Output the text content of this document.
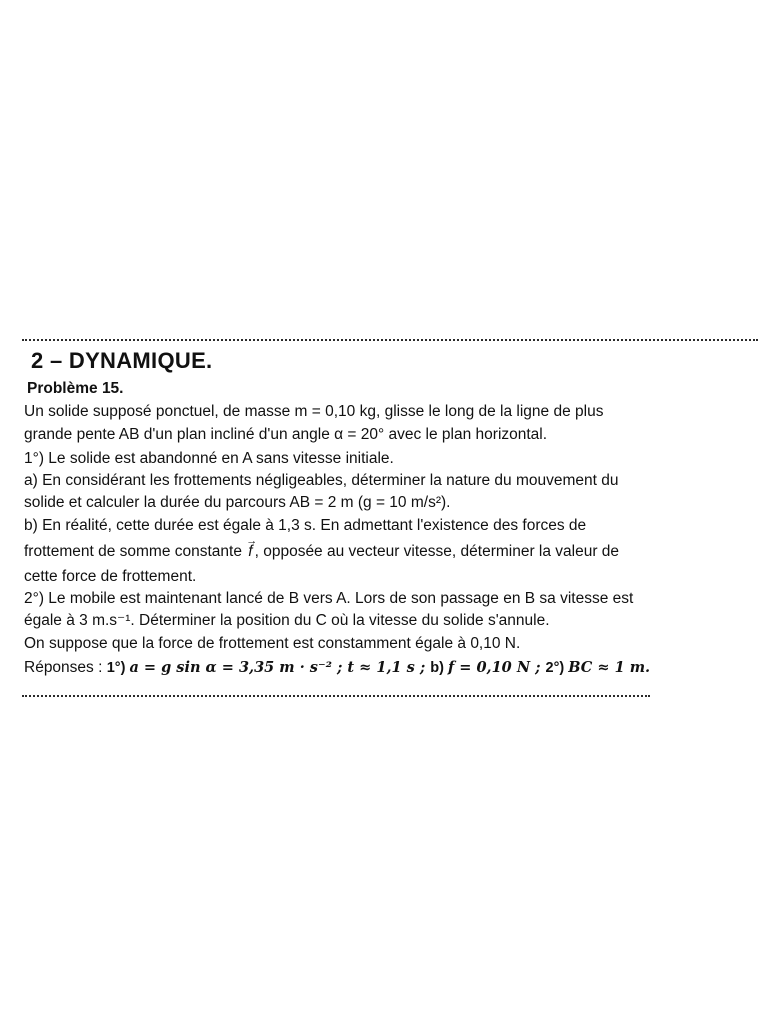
2 – DYNAMIQUE.
Problème 15.
Un solide supposé ponctuel, de masse m = 0,10 kg, glisse le long de la ligne de plus
grande pente AB d'un plan incliné d'un angle α = 20° avec le plan horizontal.
1°) Le solide est abandonné en A sans vitesse initiale.
a) En considérant les frottements négligeables, déterminer la nature du mouvement du
solide et calculer la durée du parcours AB = 2 m (g = 10 m/s²).
b) En réalité, cette durée est égale à 1,3 s. En admettant l'existence des forces de
frottement de somme constante → f , opposée au vecteur vitesse, déterminer la valeur de
cette force de frottement.
2°) Le mobile est maintenant lancé de B vers A. Lors de son passage en B sa vitesse est
égale à 3 m.s⁻¹. Déterminer la position du C où la vitesse du solide s'annule.
On suppose que la force de frottement est constamment égale à 0,10 N.
Réponses : 1°) a = g sin α = 3,35 m · s⁻² ; t ≈ 1,1 s ; b) f = 0,10 N ; 2°) BC ≈ 1 m.
